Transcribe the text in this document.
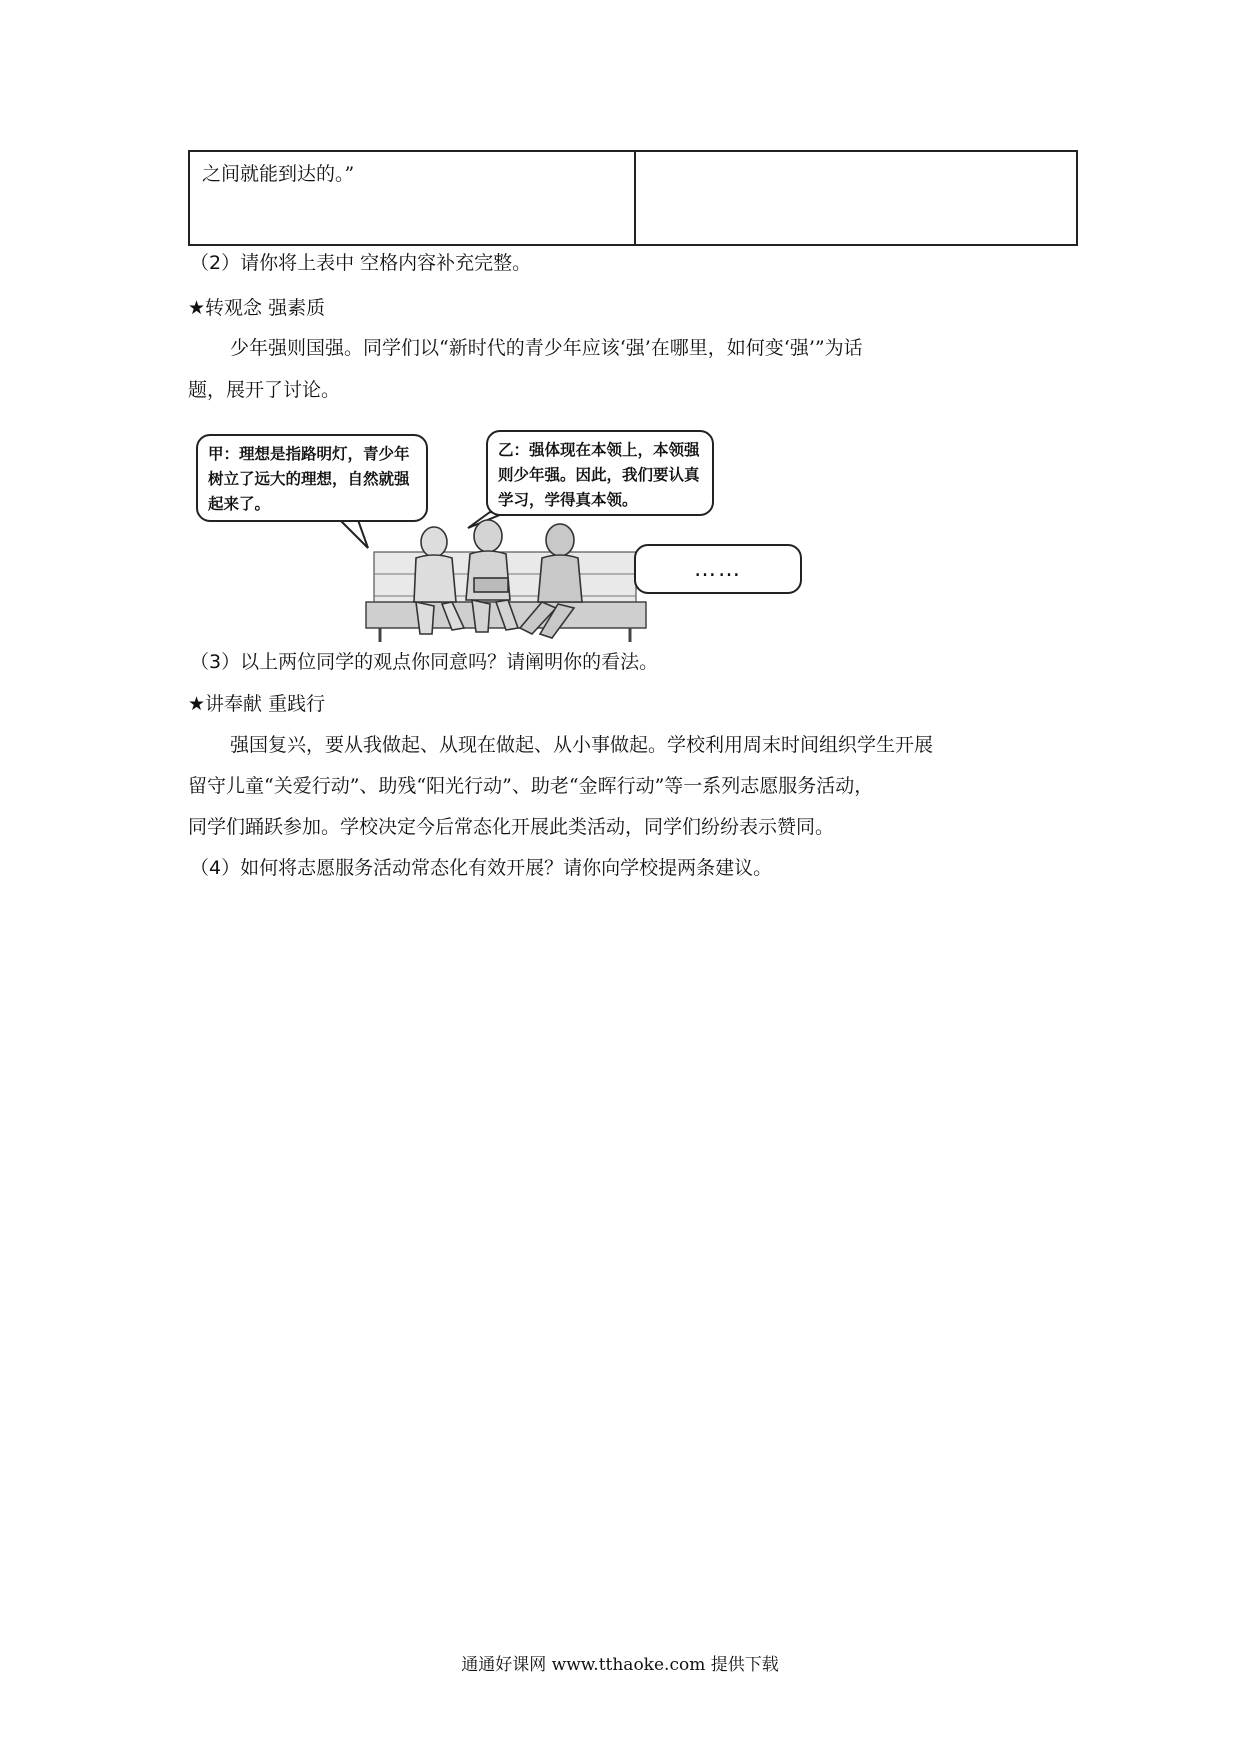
之间就能到达的。”	
（2）请你将上表中 空格内容补充完整。
★转观念 强素质
少年强则国强。同学们以“新时代的青少年应该‘强’在哪里，如何变‘强’”为话
题，展开了讨论。
甲：理想是指路明灯，青少年树立了远大的理想，自然就强起来了。
乙：强体现在本领上，本领强则少年强。因此，我们要认真学习，学得真本领。
……
（3）以上两位同学的观点你同意吗？请阐明你的看法。
★讲奉献 重践行
强国复兴，要从我做起、从现在做起、从小事做起。学校利用周末时间组织学生开展
留守儿童“关爱行动”、助残“阳光行动”、助老“金晖行动”等一系列志愿服务活动，
同学们踊跃参加。学校决定今后常态化开展此类活动，同学们纷纷表示赞同。
（4）如何将志愿服务活动常态化有效开展？请你向学校提两条建议。
通通好课网 www.tthaoke.com 提供下载
